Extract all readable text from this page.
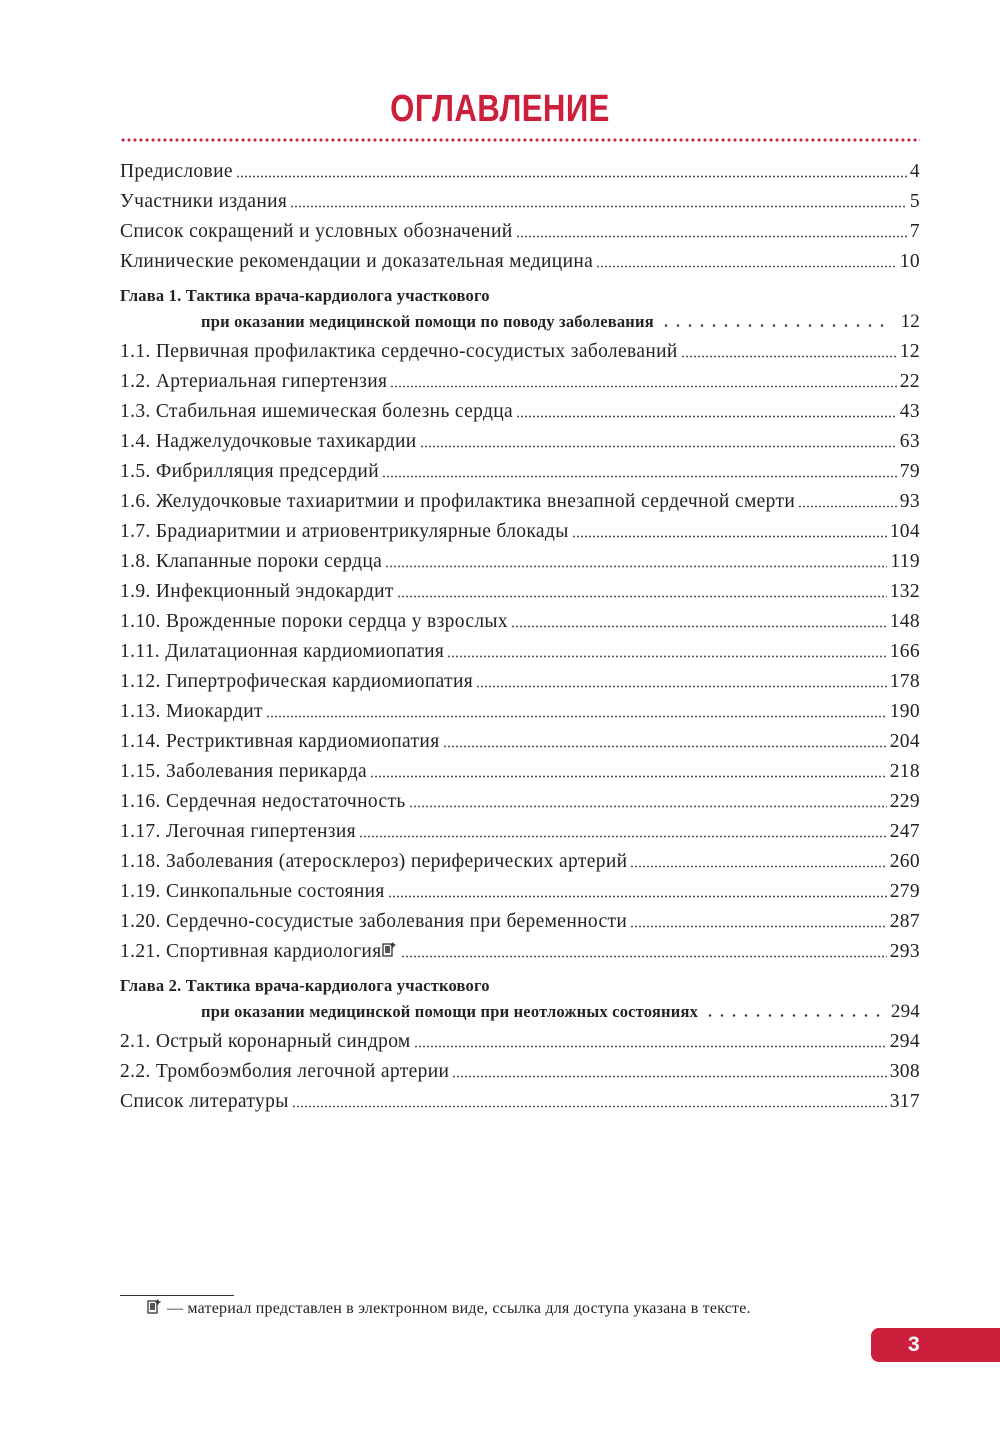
ОГЛАВЛЕНИЕ
Предисловие	4
Участники издания	5
Список сокращений и условных обозначений	7
Клинические рекомендации и доказательная медицина	10
Глава 1. Тактика врача-кардиолога участкового
при оказании медицинской помощи по поводу заболевания	12
1.1. Первичная профилактика сердечно-сосудистых заболеваний	12
1.2. Артериальная гипертензия	22
1.3. Стабильная ишемическая болезнь сердца	43
1.4. Наджелудочковые тахикардии	63
1.5. Фибрилляция предсердий	79
1.6. Желудочковые тахиаритмии и профилактика внезапной сердечной смерти	93
1.7. Брадиаритмии и атриовентрикулярные блокады	104
1.8. Клапанные пороки сердца	119
1.9. Инфекционный эндокардит	132
1.10. Врожденные пороки сердца у взрослых	148
1.11. Дилатационная кардиомиопатия	166
1.12. Гипертрофическая кардиомиопатия	178
1.13. Миокардит	190
1.14. Рестриктивная кардиомиопатия	204
1.15. Заболевания перикарда	218
1.16. Сердечная недостаточность	229
1.17. Легочная гипертензия	247
1.18. Заболевания (атеросклероз) периферических артерий	260
1.19. Синкопальные состояния	279
1.20. Сердечно-сосудистые заболевания при беременности	287
1.21. Спортивная кардиология	293
Глава 2. Тактика врача-кардиолога участкового
при оказании медицинской помощи при неотложных состояниях	294
2.1. Острый коронарный синдром	294
2.2. Тромбоэмболия легочной артерии	308
Список литературы	317
— материал представлен в электронном виде, ссылка для доступа указана в тексте.
3
